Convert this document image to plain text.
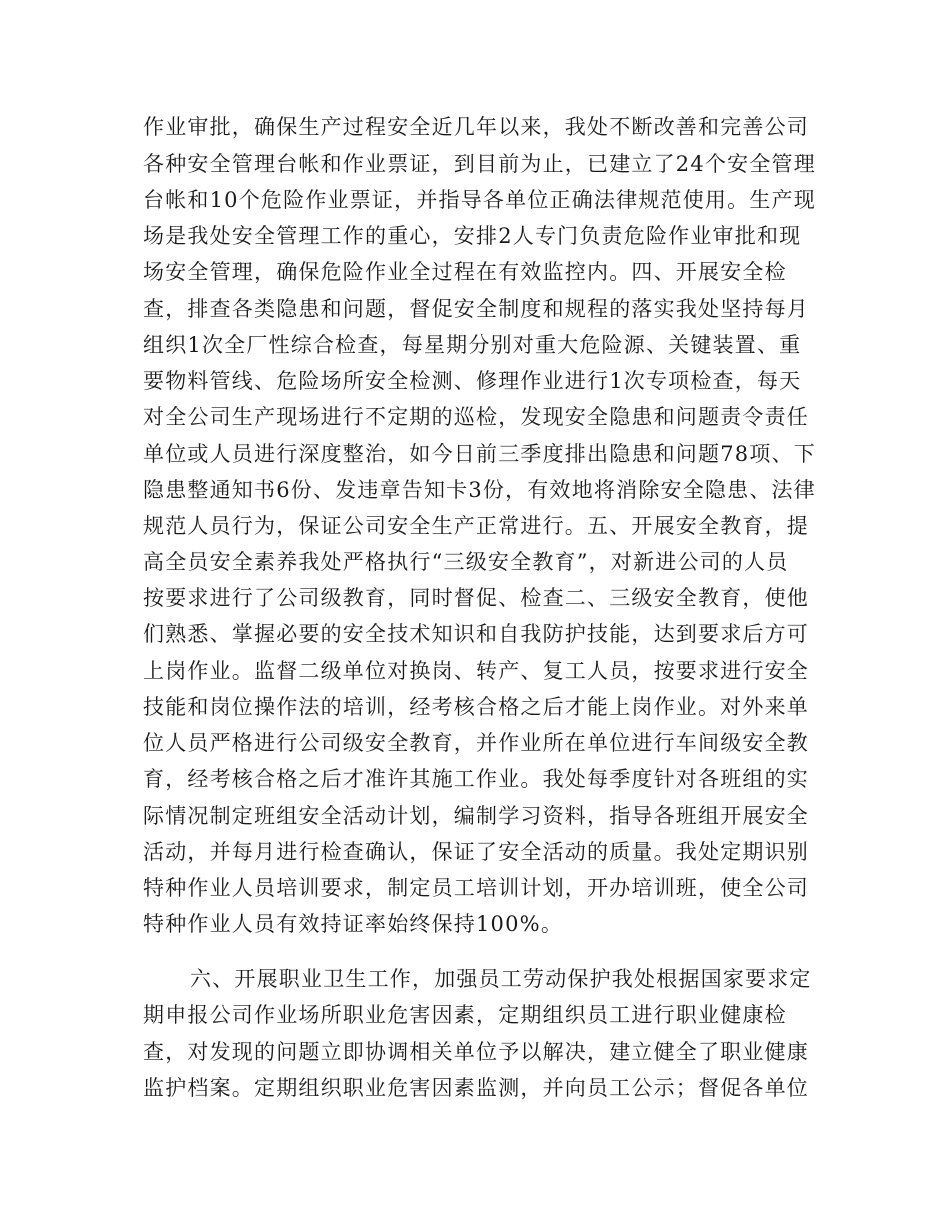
作业审批，确保生产过程安全近几年以来，我处不断改善和完善公司
各种安全管理台帐和作业票证，到目前为止，已建立了24个安全管理
台帐和10个危险作业票证，并指导各单位正确法律规范使用。生产现
场是我处安全管理工作的重心，安排2人专门负责危险作业审批和现
场安全管理，确保危险作业全过程在有效监控内。四、开展安全检
查，排查各类隐患和问题，督促安全制度和规程的落实我处坚持每月
组织1次全厂性综合检查，每星期分别对重大危险源、关键装置、重
要物料管线、危险场所安全检测、修理作业进行1次专项检查，每天
对全公司生产现场进行不定期的巡检，发现安全隐患和问题责令责任
单位或人员进行深度整治，如今日前三季度排出隐患和问题78项、下
隐患整通知书6份、发违章告知卡3份，有效地将消除安全隐患、法律
规范人员行为，保证公司安全生产正常进行。五、开展安全教育，提
高全员安全素养我处严格执行“三级安全教育”，对新进公司的人员
按要求进行了公司级教育，同时督促、检查二、三级安全教育，使他
们熟悉、掌握必要的安全技术知识和自我防护技能，达到要求后方可
上岗作业。监督二级单位对换岗、转产、复工人员，按要求进行安全
技能和岗位操作法的培训，经考核合格之后才能上岗作业。对外来单
位人员严格进行公司级安全教育，并作业所在单位进行车间级安全教
育，经考核合格之后才准许其施工作业。我处每季度针对各班组的实
际情况制定班组安全活动计划，编制学习资料，指导各班组开展安全
活动，并每月进行检查确认，保证了安全活动的质量。我处定期识别
特种作业人员培训要求，制定员工培训计划，开办培训班，使全公司
特种作业人员有效持证率始终保持100%。
六、开展职业卫生工作，加强员工劳动保护我处根据国家要求定
期申报公司作业场所职业危害因素，定期组织员工进行职业健康检
查，对发现的问题立即协调相关单位予以解决，建立健全了职业健康
监护档案。定期组织职业危害因素监测，并向员工公示；督促各单位
